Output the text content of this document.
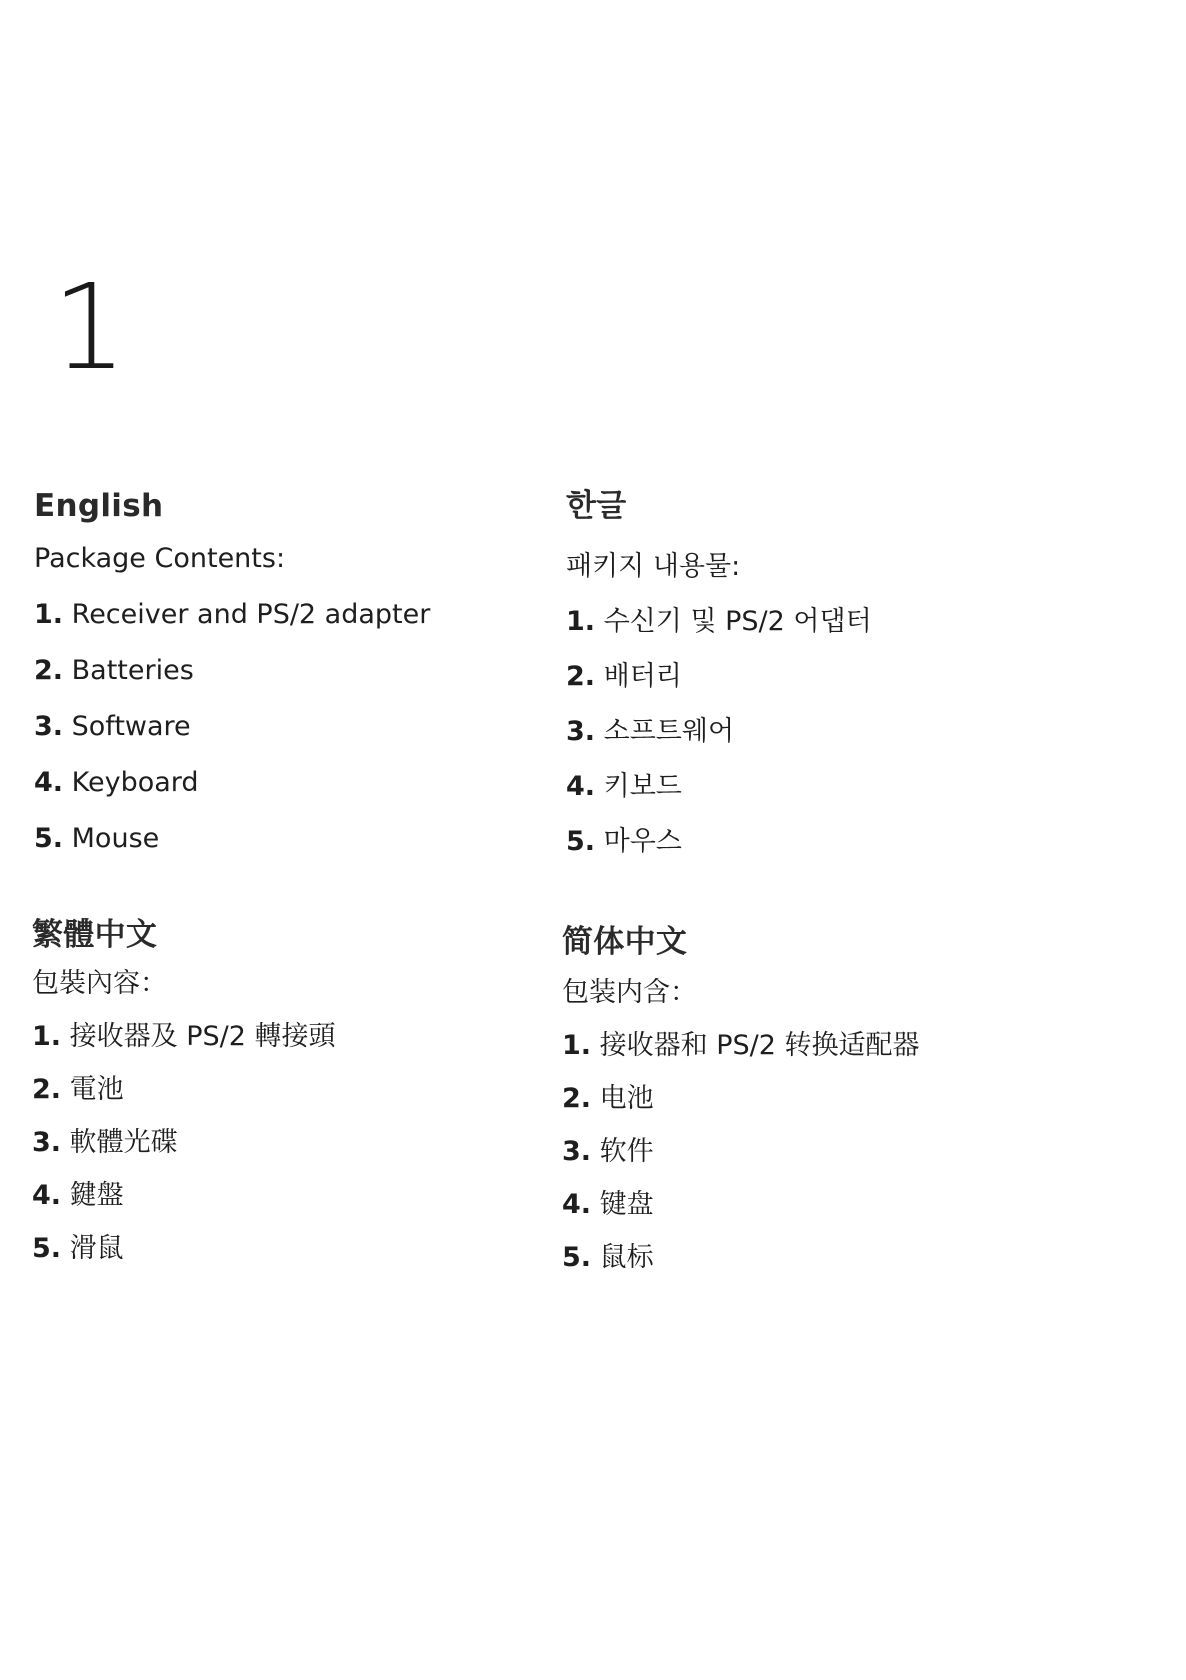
1
English

Package Contents:

1. Receiver and PS/2 adapter
2. Batteries
3. Software
4. Keyboard
5. Mouse
한글

패키지 내용물:

1. 수신기 및 PS/2 어댑터
2. 배터리
3. 소프트웨어
4. 키보드
5. 마우스
繁體中文

包裝內容：

1. 接收器及 PS/2 轉接頭
2. 電池
3. 軟體光碟
4. 鍵盤
5. 滑鼠
简体中文

包装内含：

1. 接收器和 PS/2 转换适配器
2. 电池
3. 软件
4. 键盘
5. 鼠标
